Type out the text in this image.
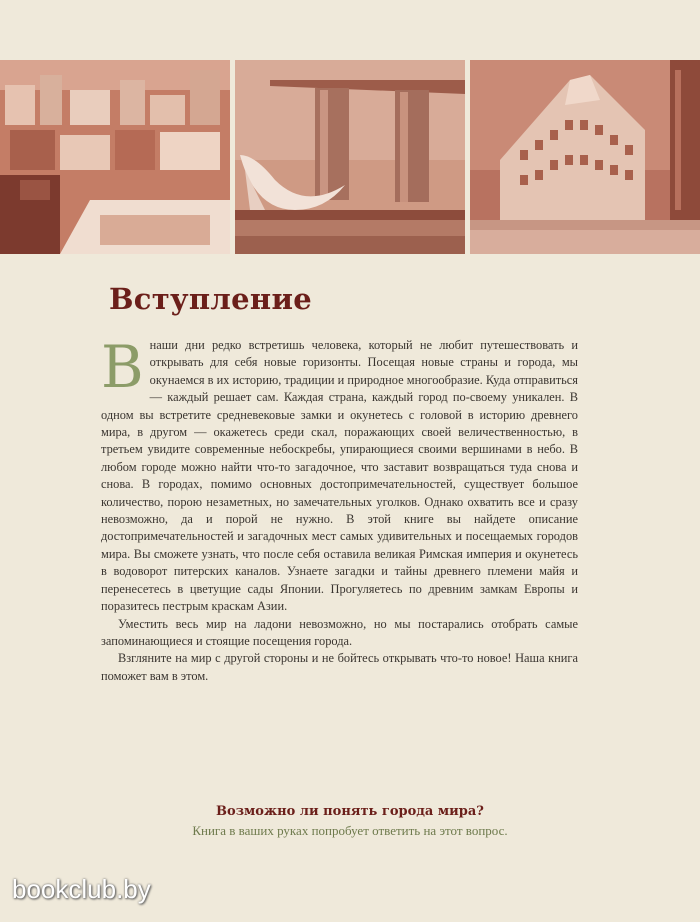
Вступление

Внаши дни редко встретишь человека, который не любит путешествовать и открывать для себя новые горизонты. Посещая новые страны и города, мы окунаемся в их историю, традиции и природное многообразие. Куда отправиться — каждый решает сам. Каждая страна, каждый город по-своему уникален. В одном вы встретите средневековые замки и окунетесь с головой в историю древнего мира, в другом — окажетесь среди скал, поражающих своей величественностью, в третьем увидите современные небоскребы, упирающиеся своими вершинами в небо. В любом городе можно найти что-то загадочное, что заставит возвращаться туда снова и снова. В городах, помимо основных достопримечательностей, существует большое количество, порою незаметных, но замечательных уголков. Однако охватить все и сразу невозможно, да и порой не нужно. В этой книге вы найдете описание достопримечательностей и загадочных мест самых удивительных и посещаемых городов мира. Вы сможете узнать, что после себя оставила великая Римская империя и окунетесь в водоворот питерских каналов. Узнаете загадки и тайны древнего племени майя и перенесетесь в цветущие сады Японии. Прогуляетесь по древним замкам Европы и поразитесь пестрым краскам Азии.

Уместить весь мир на ладони невозможно, но мы постарались отобрать самые запоминающиеся и стоящие посещения города.

Взгляните на мир с другой стороны и не бойтесь открывать что-то новое! Наша книга поможет вам в этом.

Возможно ли понять города мира?
Книга в ваших руках попробует ответить на этот вопрос.
bookclub.by
